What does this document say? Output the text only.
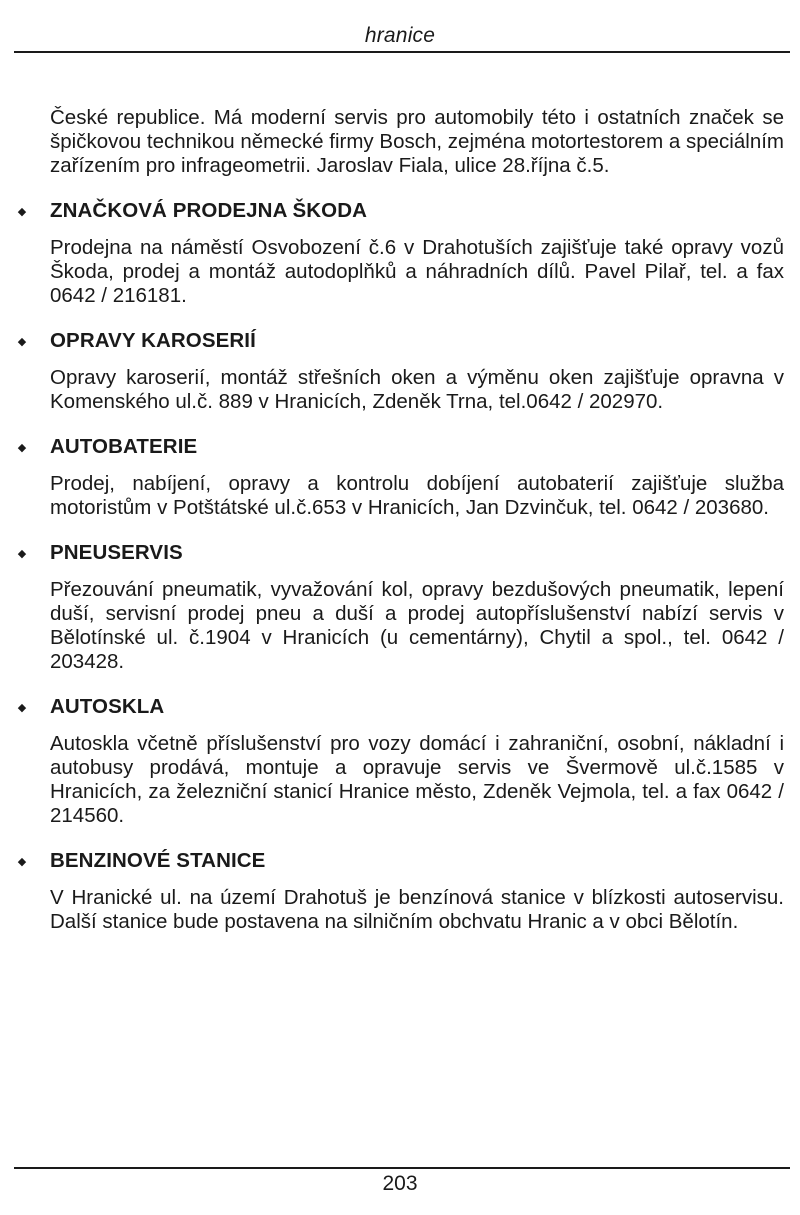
hranice

České republice. Má moderní servis pro automobily této i ostatních značek se špičkovou technikou německé firmy Bosch, zejména motortestorem a speciálním zařízením pro infrageometrii. Jaroslav Fiala, ulice 28.října č.5.

◆	ZNAČKOVÁ PRODEJNA ŠKODA

Prodejna na náměstí Osvobození č.6 v Drahotuších zajišťuje také opravy vozů Škoda, prodej a montáž autodoplňků a náhradních dílů. Pavel Pilař, tel. a fax 0642 / 216181.

◆	OPRAVY KAROSERIÍ

Opravy karoserií, montáž střešních oken a výměnu oken zajišťuje opravna v Komenského ul.č. 889 v Hranicích, Zdeněk Trna, tel.0642 / 202970.

◆	AUTOBATERIE

Prodej, nabíjení, opravy a kontrolu dobíjení autobaterií zajišťuje služba motoristům v Potštátské ul.č.653 v Hranicích, Jan Dzvinčuk, tel. 0642 / 203680.

◆	PNEUSERVIS

Přezouvání pneumatik, vyvažování kol, opravy bezdušových pneumatik, lepení duší, servisní prodej pneu a duší a prodej autopříslušenství nabízí servis v Bělotínské ul. č.1904 v Hranicích (u cementárny), Chytil a spol., tel. 0642 / 203428.

◆	AUTOSKLA

Autoskla včetně příslušenství pro vozy domácí i zahraniční, osobní, nákladní i autobusy prodává, montuje a opravuje servis ve Švermově ul.č.1585 v Hranicích, za železniční stanicí Hranice město, Zdeněk Vejmola, tel. a fax 0642 / 214560.

◆	BENZINOVÉ STANICE

V Hranické ul. na území Drahotuš je benzínová stanice v blízkosti autoservisu. Další stanice bude postavena na silničním obchvatu Hranic a v obci Bělotín.

203
